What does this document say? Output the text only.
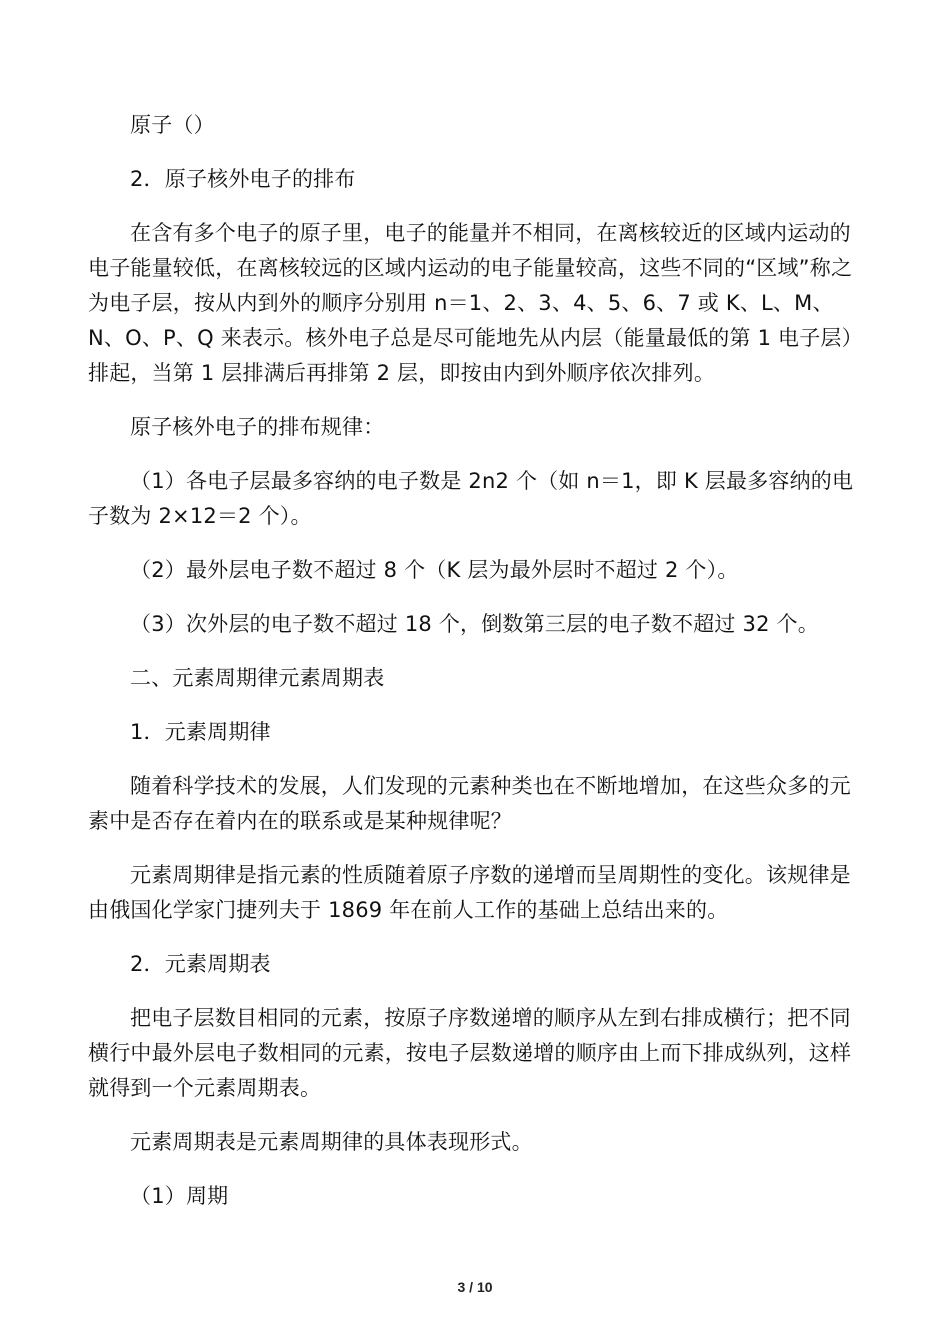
原子（）

2．原子核外电子的排布

在含有多个电子的原子里，电子的能量并不相同，在离核较近的区域内运动的电子能量较低，在离核较远的区域内运动的电子能量较高，这些不同的“区域”称之为电子层，按从内到外的顺序分别用 n＝1、2、3、4、5、6、7 或 K、L、M、N、O、P、Q 来表示。核外电子总是尽可能地先从内层（能量最低的第 1 电子层）排起，当第 1 层排满后再排第 2 层，即按由内到外顺序依次排列。

原子核外电子的排布规律：

（1）各电子层最多容纳的电子数是 2n2 个（如 n＝1，即 K 层最多容纳的电子数为 2×12＝2 个）。

（2）最外层电子数不超过 8 个（K 层为最外层时不超过 2 个）。

（3）次外层的电子数不超过 18 个，倒数第三层的电子数不超过 32 个。

二、元素周期律元素周期表

1．元素周期律

随着科学技术的发展，人们发现的元素种类也在不断地增加，在这些众多的元素中是否存在着内在的联系或是某种规律呢？

元素周期律是指元素的性质随着原子序数的递增而呈周期性的变化。该规律是由俄国化学家门捷列夫于 1869 年在前人工作的基础上总结出来的。

2．元素周期表

把电子层数目相同的元素，按原子序数递增的顺序从左到右排成横行；把不同横行中最外层电子数相同的元素，按电子层数递增的顺序由上而下排成纵列，这样就得到一个元素周期表。

元素周期表是元素周期律的具体表现形式。

（1）周期

3 / 10
